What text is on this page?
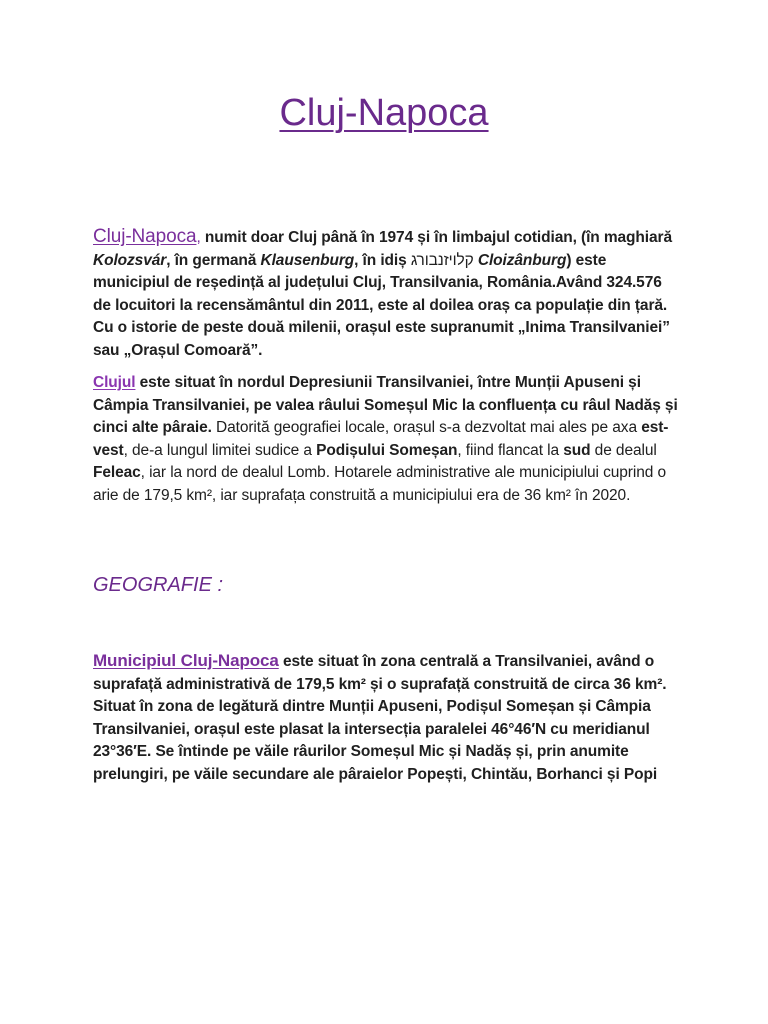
Cluj-Napoca

Cluj-Napoca, numit doar Cluj până în 1974 și în limbajul cotidian, (în maghiară Kolozsvár, în germană Klausenburg, în idiș קלויזנבורג Cloizânburg) este municipiul de reședință al județului Cluj, Transilvania, România.Având 324.576 de locuitori la recensământul din 2011, este al doilea oraș ca populație din țară. Cu o istorie de peste două milenii, orașul este supranumit „Inima Transilvaniei” sau „Orașul Comoară”.

Clujul este situat în nordul Depresiunii Transilvaniei, între Munții Apuseni și Câmpia Transilvaniei, pe valea râului Someșul Mic la confluența cu râul Nadăș și cinci alte pâraie. Datorită geografiei locale, orașul s-a dezvoltat mai ales pe axa est-vest, de-a lungul limitei sudice a Podișului Someșan, fiind flancat la sud de dealul Feleac, iar la nord de dealul Lomb. Hotarele administrative ale municipiului cuprind o arie de 179,5 km², iar suprafața construită a municipiului era de 36 km² în 2020.

GEOGRAFIE :

Municipiul Cluj-Napoca este situat în zona centrală a Transilvaniei, având o suprafață administrativă de 179,5 km² și o suprafață construită de circa 36 km². Situat în zona de legătură dintre Munții Apuseni, Podișul Someșan și Câmpia Transilvaniei, orașul este plasat la intersecția paralelei 46°46′N cu meridianul 23°36′E. Se întinde pe văile râurilor Someșul Mic și Nadăș și, prin anumite prelungiri, pe văile secundare ale pâraielor Popești, Chintău, Borhanci și Popi
